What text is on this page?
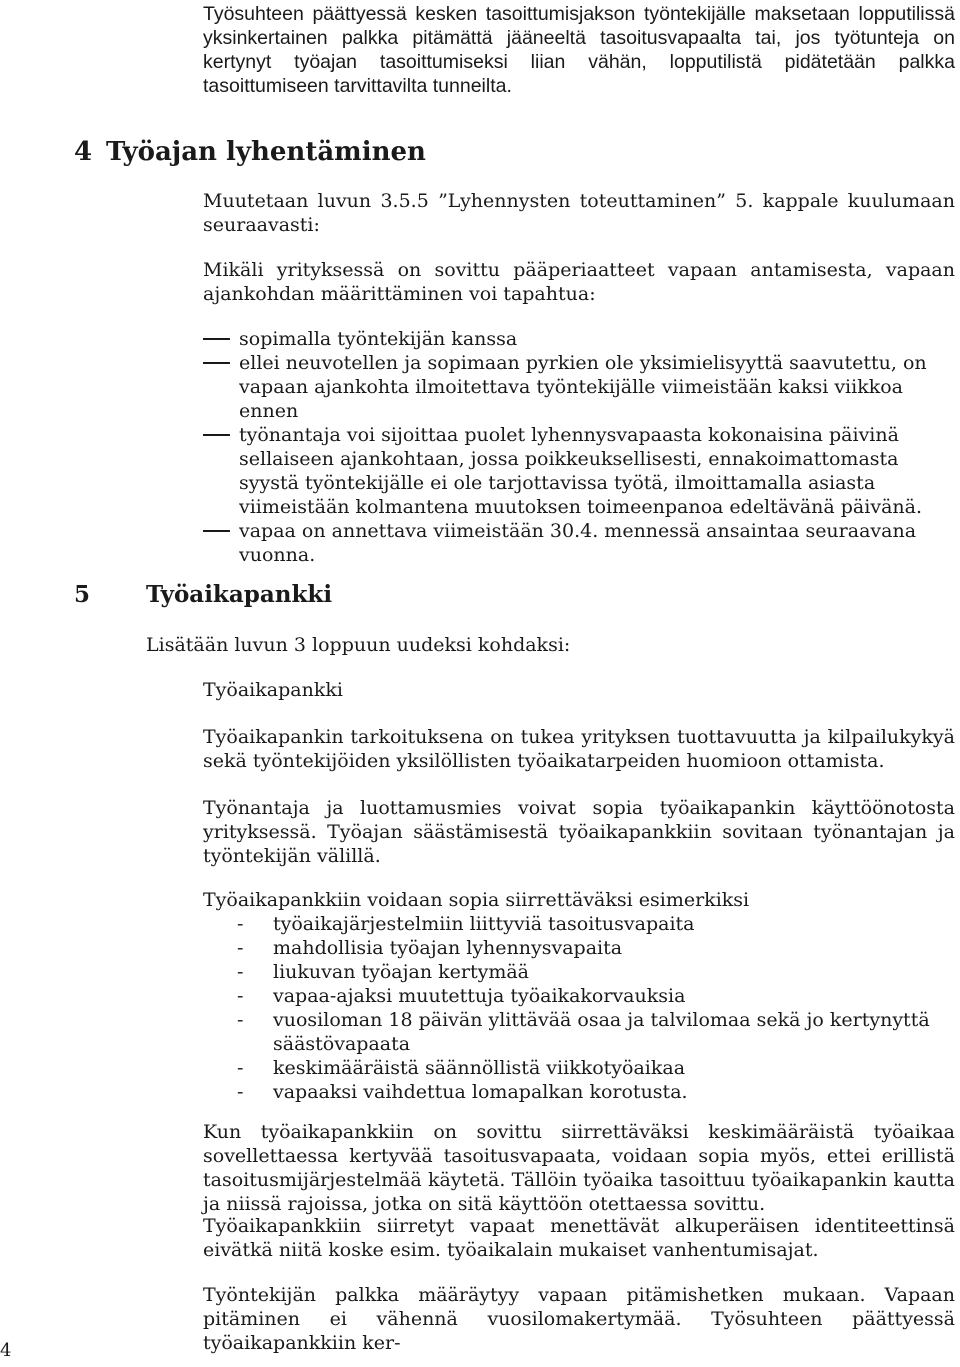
Työsuhteen päättyessä kesken tasoittumisjakson työntekijälle maksetaan lopputilissä yksinkertainen palkka pitämättä jääneeltä tasoitusvapaalta tai, jos työtunteja on kertynyt työajan tasoittumiseksi liian vähän, lopputilistä pidätetään palkka tasoittumiseen tarvittavilta tunneilta.

4 Työajan lyhentäminen

Muutetaan luvun 3.5.5 ”Lyhennysten toteuttaminen” 5. kappale kuulumaan seuraavasti:

Mikäli yrityksessä on sovittu pääperiaatteet vapaan antamisesta, vapaan ajankohdan määrittäminen voi tapahtua:

sopimalla työntekijän kanssa
ellei neuvotellen ja sopimaan pyrkien ole yksimielisyyttä saavutettu, on vapaan ajankohta ilmoitettava työntekijälle viimeistään kaksi viikkoa ennen
työnantaja voi sijoittaa puolet lyhennysvapaasta kokonaisina päivinä sellaiseen ajankohtaan, jossa poikkeuksellisesti, ennakoimattomasta syystä työntekijälle ei ole tarjottavissa työtä, ilmoittamalla asiasta viimeistään kolmantena muutoksen toimeenpanoa edeltävänä päivänä.
vapaa on annettava viimeistään 30.4. mennessä ansaintaa seuraavana vuonna.
5 Työaikapankki

Lisätään luvun 3 loppuun uudeksi kohdaksi:

Työaikapankki

Työaikapankin tarkoituksena on tukea yrityksen tuottavuutta ja kilpailukykyä sekä työntekijöiden yksilöllisten työaikatarpeiden huomioon ottamista.

Työnantaja ja luottamusmies voivat sopia työaikapankin käyttöönotosta yrityksessä. Työajan säästämisestä työaikapankkiin sovitaan työnantajan ja työntekijän välillä.

Työaikapankkiin voidaan sopia siirrettäväksi esimerkiksi

- työaikajärjestelmiin liittyviä tasoitusvapaita
- mahdollisia työajan lyhennysvapaita
- liukuvan työajan kertymää
- vapaa-ajaksi muutettuja työaikakorvauksia
- vuosiloman 18 päivän ylittävää osaa ja talvilomaa sekä jo kertynyttä säästövapaata
- keskimääräistä säännöllistä viikkotyöaikaa
- vapaaksi vaihdettua lomapalkan korotusta.

Kun työaikapankkiin on sovittu siirrettäväksi keskimääräistä työaikaa sovellettaessa kertyvää tasoitusvapaata, voidaan sopia myös, ettei erillistä tasoitusmijärjestelmää käytetä. Tällöin työaika tasoittuu työaikapankin kautta ja niissä rajoissa, jotka on sitä käyttöön otettaessa sovittu.

Työaikapankkiin siirretyt vapaat menettävät alkuperäisen identiteettinsä eivätkä niitä koske esim. työaikalain mukaiset vanhentumisajat.

Työntekijän palkka määräytyy vapaan pitämishetken mukaan. Vapaan pitäminen ei vähennä vuosilomakertymää. Työsuhteen päättyessä työaikapankkiin ker-

4
